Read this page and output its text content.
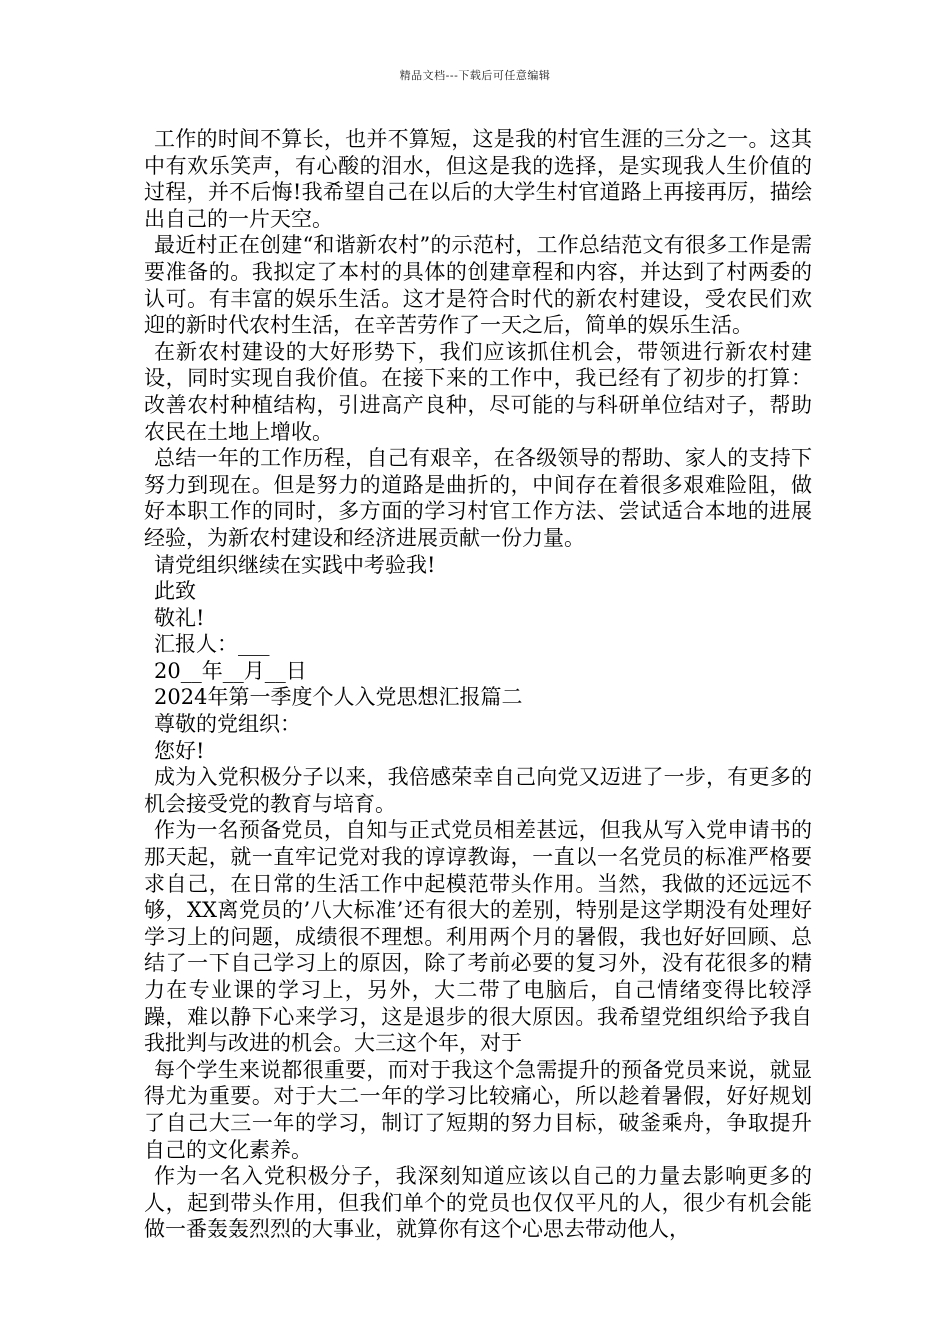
精品文档---下载后可任意编辑

工作的时间不算长，也并不算短，这是我的村官生涯的三分之一。这其中有欢乐笑声，有心酸的泪水，但这是我的选择，是实现我人生价值的过程，并不后悔!我希望自己在以后的大学生村官道路上再接再厉，描绘出自己的一片天空。

最近村正在创建“和谐新农村”的示范村，工作总结范文有很多工作是需要准备的。我拟定了本村的具体的创建章程和内容，并达到了村两委的认可。有丰富的娱乐生活。这才是符合时代的新农村建设，受农民们欢迎的新时代农村生活，在辛苦劳作了一天之后，简单的娱乐生活。

在新农村建设的大好形势下，我们应该抓住机会，带领进行新农村建设，同时实现自我价值。在接下来的工作中，我已经有了初步的打算：改善农村种植结构，引进高产良种，尽可能的与科研单位结对子，帮助农民在土地上增收。

总结一年的工作历程，自己有艰辛，在各级领导的帮助、家人的支持下努力到现在。但是努力的道路是曲折的，中间存在着很多艰难险阻，做好本职工作的同时，多方面的学习村官工作方法、尝试适合本地的进展经验，为新农村建设和经济进展贡献一份力量。

请党组织继续在实践中考验我!

此致

敬礼!

汇报人：___

20__年__月__日

2024年第一季度个人入党思想汇报篇二

尊敬的党组织：

您好!

成为入党积极分子以来，我倍感荣幸自己向党又迈进了一步，有更多的机会接受党的教育与培育。

作为一名预备党员，自知与正式党员相差甚远，但我从写入党申请书的那天起，就一直牢记党对我的谆谆教诲，一直以一名党员的标准严格要求自己，在日常的生活工作中起模范带头作用。当然，我做的还远远不够，XX离党员的’八大标准’还有很大的差别，特别是这学期没有处理好学习上的问题，成绩很不理想。利用两个月的暑假，我也好好回顾、总结了一下自己学习上的原因，除了考前必要的复习外，没有花很多的精力在专业课的学习上，另外，大二带了电脑后，自己情绪变得比较浮躁，难以静下心来学习，这是退步的很大原因。我希望党组织给予我自我批判与改进的机会。大三这个年，对于

每个学生来说都很重要，而对于我这个急需提升的预备党员来说，就显得尤为重要。对于大二一年的学习比较痛心，所以趁着暑假，好好规划了自己大三一年的学习，制订了短期的努力目标，破釜乘舟，争取提升自己的文化素养。

作为一名入党积极分子，我深刻知道应该以自己的力量去影响更多的人，起到带头作用，但我们单个的党员也仅仅平凡的人，很少有机会能做一番轰轰烈烈的大事业，就算你有这个心思去带动他人，
